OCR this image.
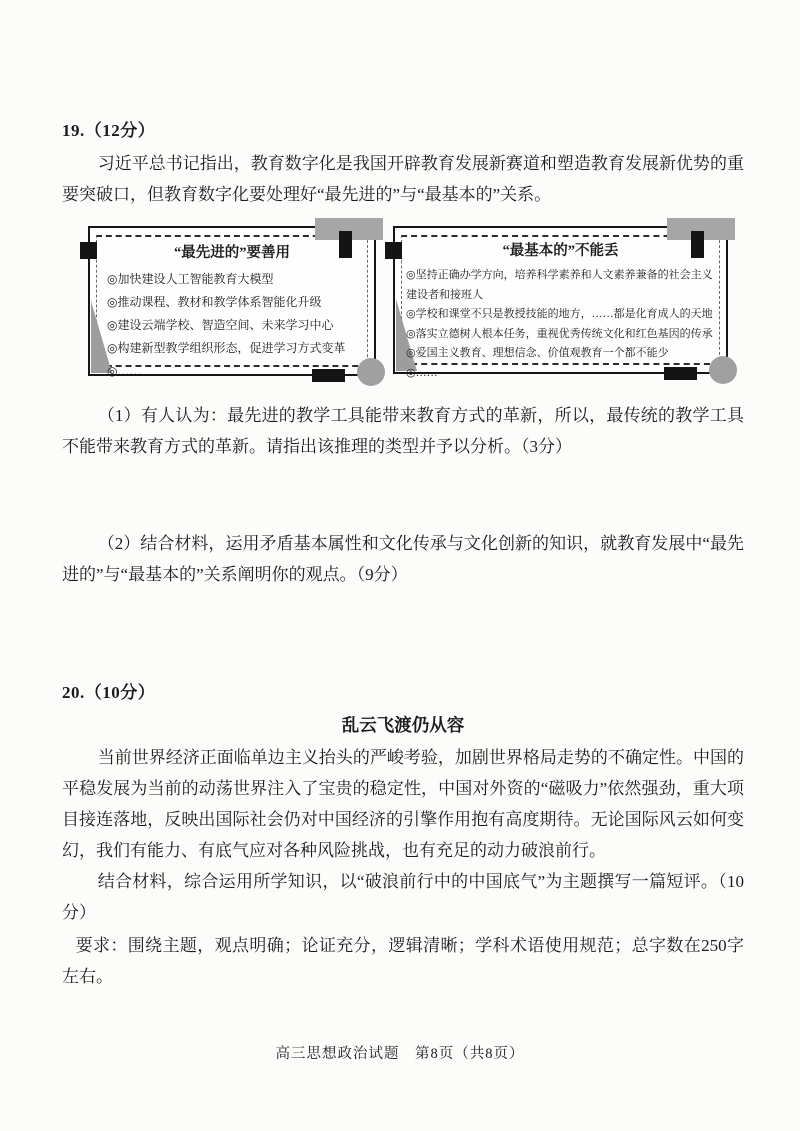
19.（12分）

习近平总书记指出，教育数字化是我国开辟教育发展新赛道和塑造教育发展新优势的重要突破口，但教育数字化要处理好“最先进的”与“最基本的”关系。

“最先进的”要善用
◎加快建设人工智能教育大模型
◎推动课程、教材和教学体系智能化升级
◎建设云端学校、智造空间、未来学习中心
◎构建新型教学组织形态，促进学习方式变革
◎……
“最基本的”不能丢
◎坚持正确办学方向，培养科学素养和人文素养兼备的社会主义建设者和接班人
◎学校和课堂不只是教授技能的地方，……都是化育成人的天地
◎落实立德树人根本任务，重视优秀传统文化和红色基因的传承
◎爱国主义教育、理想信念、价值观教育一个都不能少
◎……

（1）有人认为：最先进的教学工具能带来教育方式的革新，所以，最传统的教学工具不能带来教育方式的革新。请指出该推理的类型并予以分析。（3分）

（2）结合材料，运用矛盾基本属性和文化传承与文化创新的知识，就教育发展中“最先进的”与“最基本的”关系阐明你的观点。（9分）

20.（10分）
乱云飞渡仍从容

当前世界经济正面临单边主义抬头的严峻考验，加剧世界格局走势的不确定性。中国的平稳发展为当前的动荡世界注入了宝贵的稳定性，中国对外资的“磁吸力”依然强劲，重大项目接连落地，反映出国际社会仍对中国经济的引擎作用抱有高度期待。无论国际风云如何变幻，我们有能力、有底气应对各种风险挑战，也有充足的动力破浪前行。

结合材料，综合运用所学知识，以“破浪前行中的中国底气”为主题撰写一篇短评。（10分）

要求：围绕主题，观点明确；论证充分，逻辑清晰；学科术语使用规范；总字数在250字左右。

高三思想政治试题　第8页（共8页）
